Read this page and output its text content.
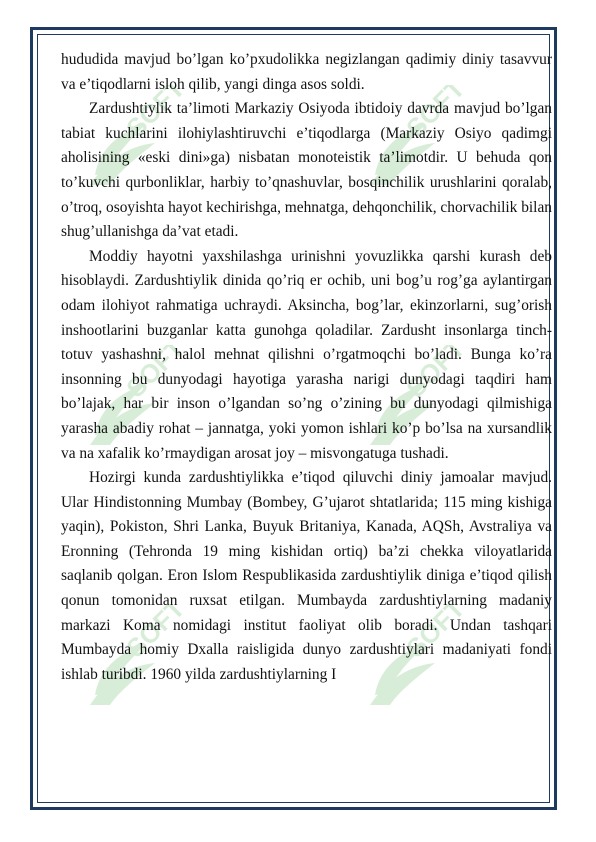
SOFT	SOFT
SOFT	SOFT
SOFT	SOFT

hududida mavjud bo’lgan ko’pxudolikka negizlangan qadimiy diniy tasavvur va e’tiqodlarni isloh qilib, yangi dinga asos soldi.

Zardushtiylik ta’limoti Markaziy Osiyoda ibtidoiy davrda mavjud bo’lgan tabiat kuchlarini ilohiylashtiruvchi e’tiqodlarga (Markaziy Osiyo qadimgi aholisining «eski dini»ga) nisbatan monoteistik ta’limotdir. U behuda qon to’kuvchi qurbonliklar, harbiy to’qnashuvlar, bosqinchilik urushlarini qoralab, o’troq, osoyishta hayot kechirishga, mehnatga, dehqonchilik, chorvachilik bilan shug’ullanishga da’vat etadi.

Moddiy hayotni yaxshilashga urinishni yovuzlikka qarshi kurash deb hisoblaydi. Zardushtiylik dinida qo’riq er ochib, uni bog’u rog’ga aylantirgan odam ilohiyot rahmatiga uchraydi. Aksincha, bog’lar, ekinzorlarni, sug’orish inshootlarini buzganlar katta gunohga qoladilar. Zardusht insonlarga tinch-totuv yashashni, halol mehnat qilishni o’rgatmoqchi bo’ladi. Bunga ko’ra insonning bu dunyodagi hayotiga yarasha narigi dunyodagi taqdiri ham bo’lajak, har bir inson o’lgandan so’ng o’zining bu dunyodagi qilmishiga yarasha abadiy rohat – jannatga, yoki yomon ishlari ko’p bo’lsa na xursandlik va na xafalik ko’rmaydigan arosat joy – misvongatuga tushadi.

Hozirgi kunda zardushtiylikka e’tiqod qiluvchi diniy jamoalar mavjud. Ular Hindistonning Mumbay (Bombey, G’ujarot shtatlarida; 115 ming kishiga yaqin), Pokiston, Shri Lanka, Buyuk Britaniya, Kanada, AQSh, Avstraliya va Eronning (Tehronda 19 ming kishidan ortiq) ba’zi chekka viloyatlarida saqlanib qolgan. Eron Islom Respublikasida zardushtiylik diniga e’tiqod qilish qonun tomonidan ruxsat etilgan. Mumbayda zardushtiylarning madaniy markazi Koma nomidagi institut faoliyat olib boradi. Undan tashqari Mumbayda homiy Dxalla raisligida dunyo zardushtiylari madaniyati fondi ishlab turibdi. 1960 yilda zardushtiylarning I
